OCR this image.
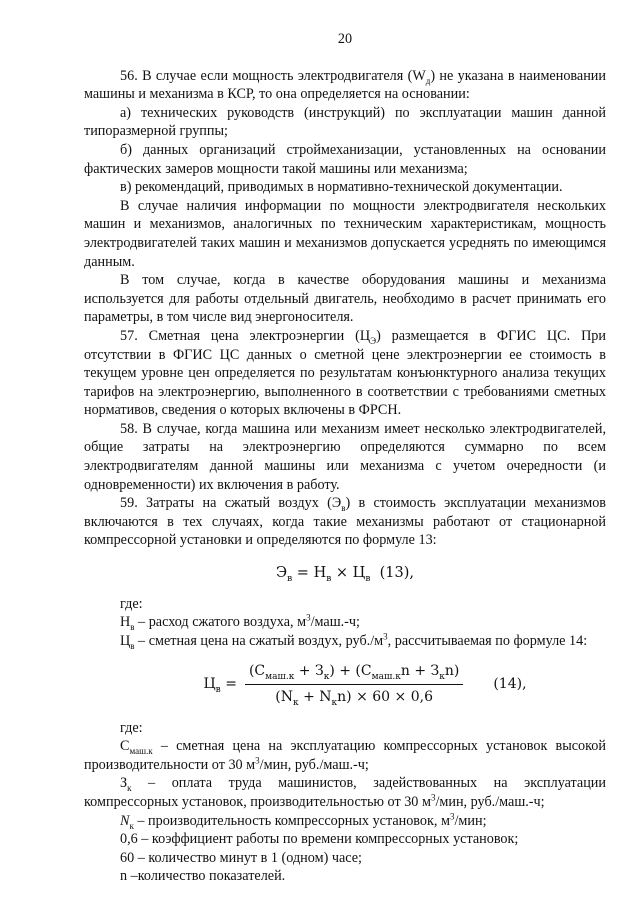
20

56. В случае если мощность электродвигателя $(W_д)$ не указана в наименовании машины и механизма в КСР, то она определяется на основании:

а) технических руководств (инструкций) по эксплуатации машин данной типоразмерной группы;

б) данных организаций строймеханизации, установленных на основании фактических замеров мощности такой машины или механизма;

в) рекомендаций, приводимых в нормативно-технической документации.

В случае наличия информации по мощности электродвигателя нескольких машин и механизмов, аналогичных по техническим характеристикам, мощность электродвигателей таких машин и механизмов допускается усреднять по имеющимся данным.

В том случае, когда в качестве оборудования машины и механизма используется для работы отдельный двигатель, необходимо в расчет принимать его параметры, в том числе вид энергоносителя.

57. Сметная цена электроэнергии $(Ц_Э)$ размещается в ФГИС ЦС. При отсутствии в ФГИС ЦС данных о сметной цене электроэнергии ее стоимость в текущем уровне цен определяется по результатам конъюнктурного анализа текущих тарифов на электроэнергию, выполненного в соответствии с требованиями сметных нормативов, сведения о которых включены в ФРСН.

58. В случае, когда машина или механизм имеет несколько электродвигателей, общие затраты на электроэнергию определяются суммарно по всем электродвигателям данной машины или механизма с учетом очередности (и одновременности) их включения в работу.

59. Затраты на сжатый воздух $(Э_в)$ в стоимость эксплуатации механизмов включаются в тех случаях, когда такие механизмы работают от стационарной компрессорной установки и определяются по формуле 13:

$Э_в = Н_в \times Ц_в$ (13),

где:

$Н_в$ – расход сжатого воздуха, $м^3/маш.-ч$;

$Ц_в$ – сметная цена на сжатый воздух, $руб./м^3$, рассчитываемая по формуле 14:

$Ц_в = \frac{(С_{маш.к} + З_к) + (С_{маш.к}n + З_кn)}{(N_к + N_кn) \times 60 \times 0,6} (14)$,

где:

$С_{маш.к}$ – сметная цена на эксплуатацию компрессорных установок высокой производительности от 30 $м^3$/мин, руб./маш.-ч;

$З_к$ – оплата труда машинистов, задействованных на эксплуатации компрессорных установок, производительностью от 30 $м^3$/мин, руб./маш.-ч;

$N_к$ – производительность компрессорных установок, $м^3$/мин;

0,6 – коэффициент работы по времени компрессорных установок;

60 – количество минут в 1 (одном) часе;

n –количество показателей.
